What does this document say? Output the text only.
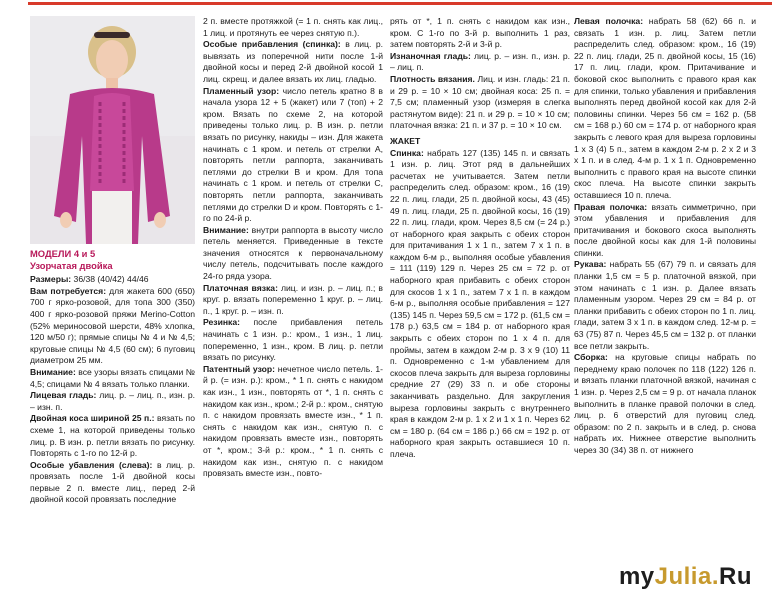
МОДЕЛИ 4 и 5

Узорчатая двойка

Размеры: 36/38 (40/42) 44/46

Вам потребуется: для жакета 600 (650) 700 г ярко-розовой, для топа 300 (350) 400 г ярко-розовой пряжи Merino-Cotton (52% мериносовой шерсти, 48% хлопка, 120 м/50 г); прямые спицы № 4 и № 4,5; круговые спицы № 4,5 (60 см); 6 пуговиц диаметром 25 мм.

Внимание: все узоры вязать спицами № 4,5; спицами № 4 вязать только планки.

Лицевая гладь: лиц. р. – лиц. п., изн. р. – изн. п.

Двойная коса шириной 25 п.: вязать по схеме 1, на которой приведены только лиц. р. В изн. р. петли вязать по рисунку. Повторять с 1-го по 12-й р.

Особые убавления (слева): в лиц. р. провязать после 1-й двойной косы первые 2 п. вместе лиц., перед 2-й двойной косой провязать последние

2 п. вместе протяжкой (= 1 п. снять как лиц., 1 лиц. и протянуть ее через снятую п.).

Особые прибавления (спинка): в лиц. р. вывязать из поперечной нити после 1-й двойной косы и перед 2-й двойной косой 1 лиц. скрещ. и далее вязать их лиц. гладью.

Пламенный узор: число петель кратно 8 в начала узора 12 + 5 (жакет) или 7 (топ) + 2 кром. Вязать по схеме 2, на которой приведены только лиц. р. В изн. р. петли вязать по рисунку, накиды – изн. Для жакета начинать с 1 кром. и петель от стрелки А, повторять петли раппорта, заканчивать петлями до стрелки В и кром. Для топа начинать с 1 кром. и петель от стрелки С, повторять петли раппорта, заканчивать петлями до стрелки D и кром. Повторять с 1-го по 24-й р.

Внимание: внутри раппорта в высоту число петель меняется. Приведенные в тексте значения относятся к первоначальному числу петель, подсчитывать после каждого 24-го ряда узора.

Платочная вязка: лиц. и изн. р. – лиц. п.; в круг. р. вязать попеременно 1 круг. р. – лиц. п., 1 круг. р. – изн. п.

Резинка: после прибавления петель начинать с 1 изн. р.: кром., 1 изн., 1 лиц. попеременно, 1 изн., кром. В лиц. р. петли вязать по рисунку.

Патентный узор: нечетное число петель. 1-й р. (= изн. р.): кром., * 1 п. снять с накидом как изн., 1 изн., повторять от *, 1 п. снять с накидом как изн., кром.; 2-й р.: кром., снятую п. с накидом провязать вместе изн., * 1 п. снять с накидом как изн., снятую п. с накидом провязать вместе изн., повторять от *, кром.; 3-й р.: кром., * 1 п. снять с накидом как изн., снятую п. с накидом провязать вместе изн., повто-

рять от *, 1 п. снять с накидом как изн., кром. С 1-го по 3-й р. выполнить 1 раз, затем повторять 2-й и 3-й р.

Изнаночная гладь: лиц. р. – изн. п., изн. р. – лиц. п.

Плотность вязания. Лиц. и изн. гладь: 21 п. и 29 р. = 10 × 10 см; двойная коса: 25 п. = 7,5 см; пламенный узор (измеряя в слегка растянутом виде): 21 п. и 29 р. = 10 × 10 см; платочная вязка: 21 п. и 37 р. = 10 × 10 см.

ЖАКЕТ

Спинка: набрать 127 (135) 145 п. и связать 1 изн. р. лиц. Этот ряд в дальнейших расчетах не учитывается. Затем петли распределить след. образом: кром., 16 (19) 22 п. лиц. глади, 25 п. двойной косы, 43 (45) 49 п. лиц. глади, 25 п. двойной косы, 16 (19) 22 п. лиц. глади, кром. Через 8,5 см (= 24 р.) от наборного края закрыть с обеих сторон для притачивания 1 х 1 п., затем 7 х 1 п. в каждом 6-м р., выполняя особые убавления = 111 (119) 129 п. Через 25 см = 72 р. от наборного края прибавить с обеих сторон для скосов 1 х 1 п., затем 7 х 1 п. в каждом 6-м р., выполняя особые прибавления = 127 (135) 145 п. Через 59,5 см = 172 р. (61,5 см = 178 р.) 63,5 см = 184 р. от наборного края закрыть с обеих сторон по 1 х 4 п. для проймы, затем в каждом 2-м р. 3 х 9 (10) 11 п. Одновременно с 1-м убавлением для скосов плеча закрыть для выреза горловины средние 27 (29) 33 п. и обе стороны заканчивать раздельно. Для закругления выреза горловины закрыть с внутреннего края в каждом 2-м р. 1 х 2 и 1 х 1 п. Через 62 см = 180 р. (64 см = 186 р.) 66 см = 192 р. от наборного края закрыть оставшиеся 10 п. плеча.

Левая полочка: набрать 58 (62) 66 п. и связать 1 изн. р. лиц. Затем петли распределить след. образом: кром., 16 (19) 22 п. лиц. глади, 25 п. двойной косы, 15 (16) 17 п. лиц. глади, кром. Притачивание и боковой скос выполнить с правого края как для спинки, только убавления и прибавления выполнять перед двойной косой как для 2-й половины спинки. Через 56 см = 162 р. (58 см = 168 р.) 60 см = 174 р. от наборного края закрыть с левого края для выреза горловины 1 х 3 (4) 5 п., затем в каждом 2-м р. 2 х 2 и 3 х 1 п. и в след. 4-м р. 1 х 1 п. Одновременно выполнить с правого края на высоте спинки скос плеча. На высоте спинки закрыть оставшиеся 10 п. плеча.

Правая полочка: вязать симметрично, при этом убавления и прибавления для притачивания и бокового скоса выполнять после двойной косы как для 1-й половины спинки.

Рукава: набрать 55 (67) 79 п. и связать для планки 1,5 см = 5 р. платочной вязкой, при этом начинать с 1 изн. р. Далее вязать пламенным узором. Через 29 см = 84 р. от планки прибавить с обеих сторон по 1 п. лиц. глади, затем 3 х 1 п. в каждом след. 12-м р. = 63 (75) 87 п. Через 45,5 см = 132 р. от планки все петли закрыть.

Сборка: на круговые спицы набрать по переднему краю полочек по 118 (122) 126 п. и вязать планки платочной вязкой, начиная с 1 изн. р. Через 2,5 см = 9 р. от начала планок выполнить в планке правой полочки в след. лиц. р. 6 отверстий для пуговиц след. образом: по 2 п. закрыть и в след. р. снова набрать их. Нижнее отверстие выполнить через 30 (34) 38 п. от нижнего

myJulia.Ru
